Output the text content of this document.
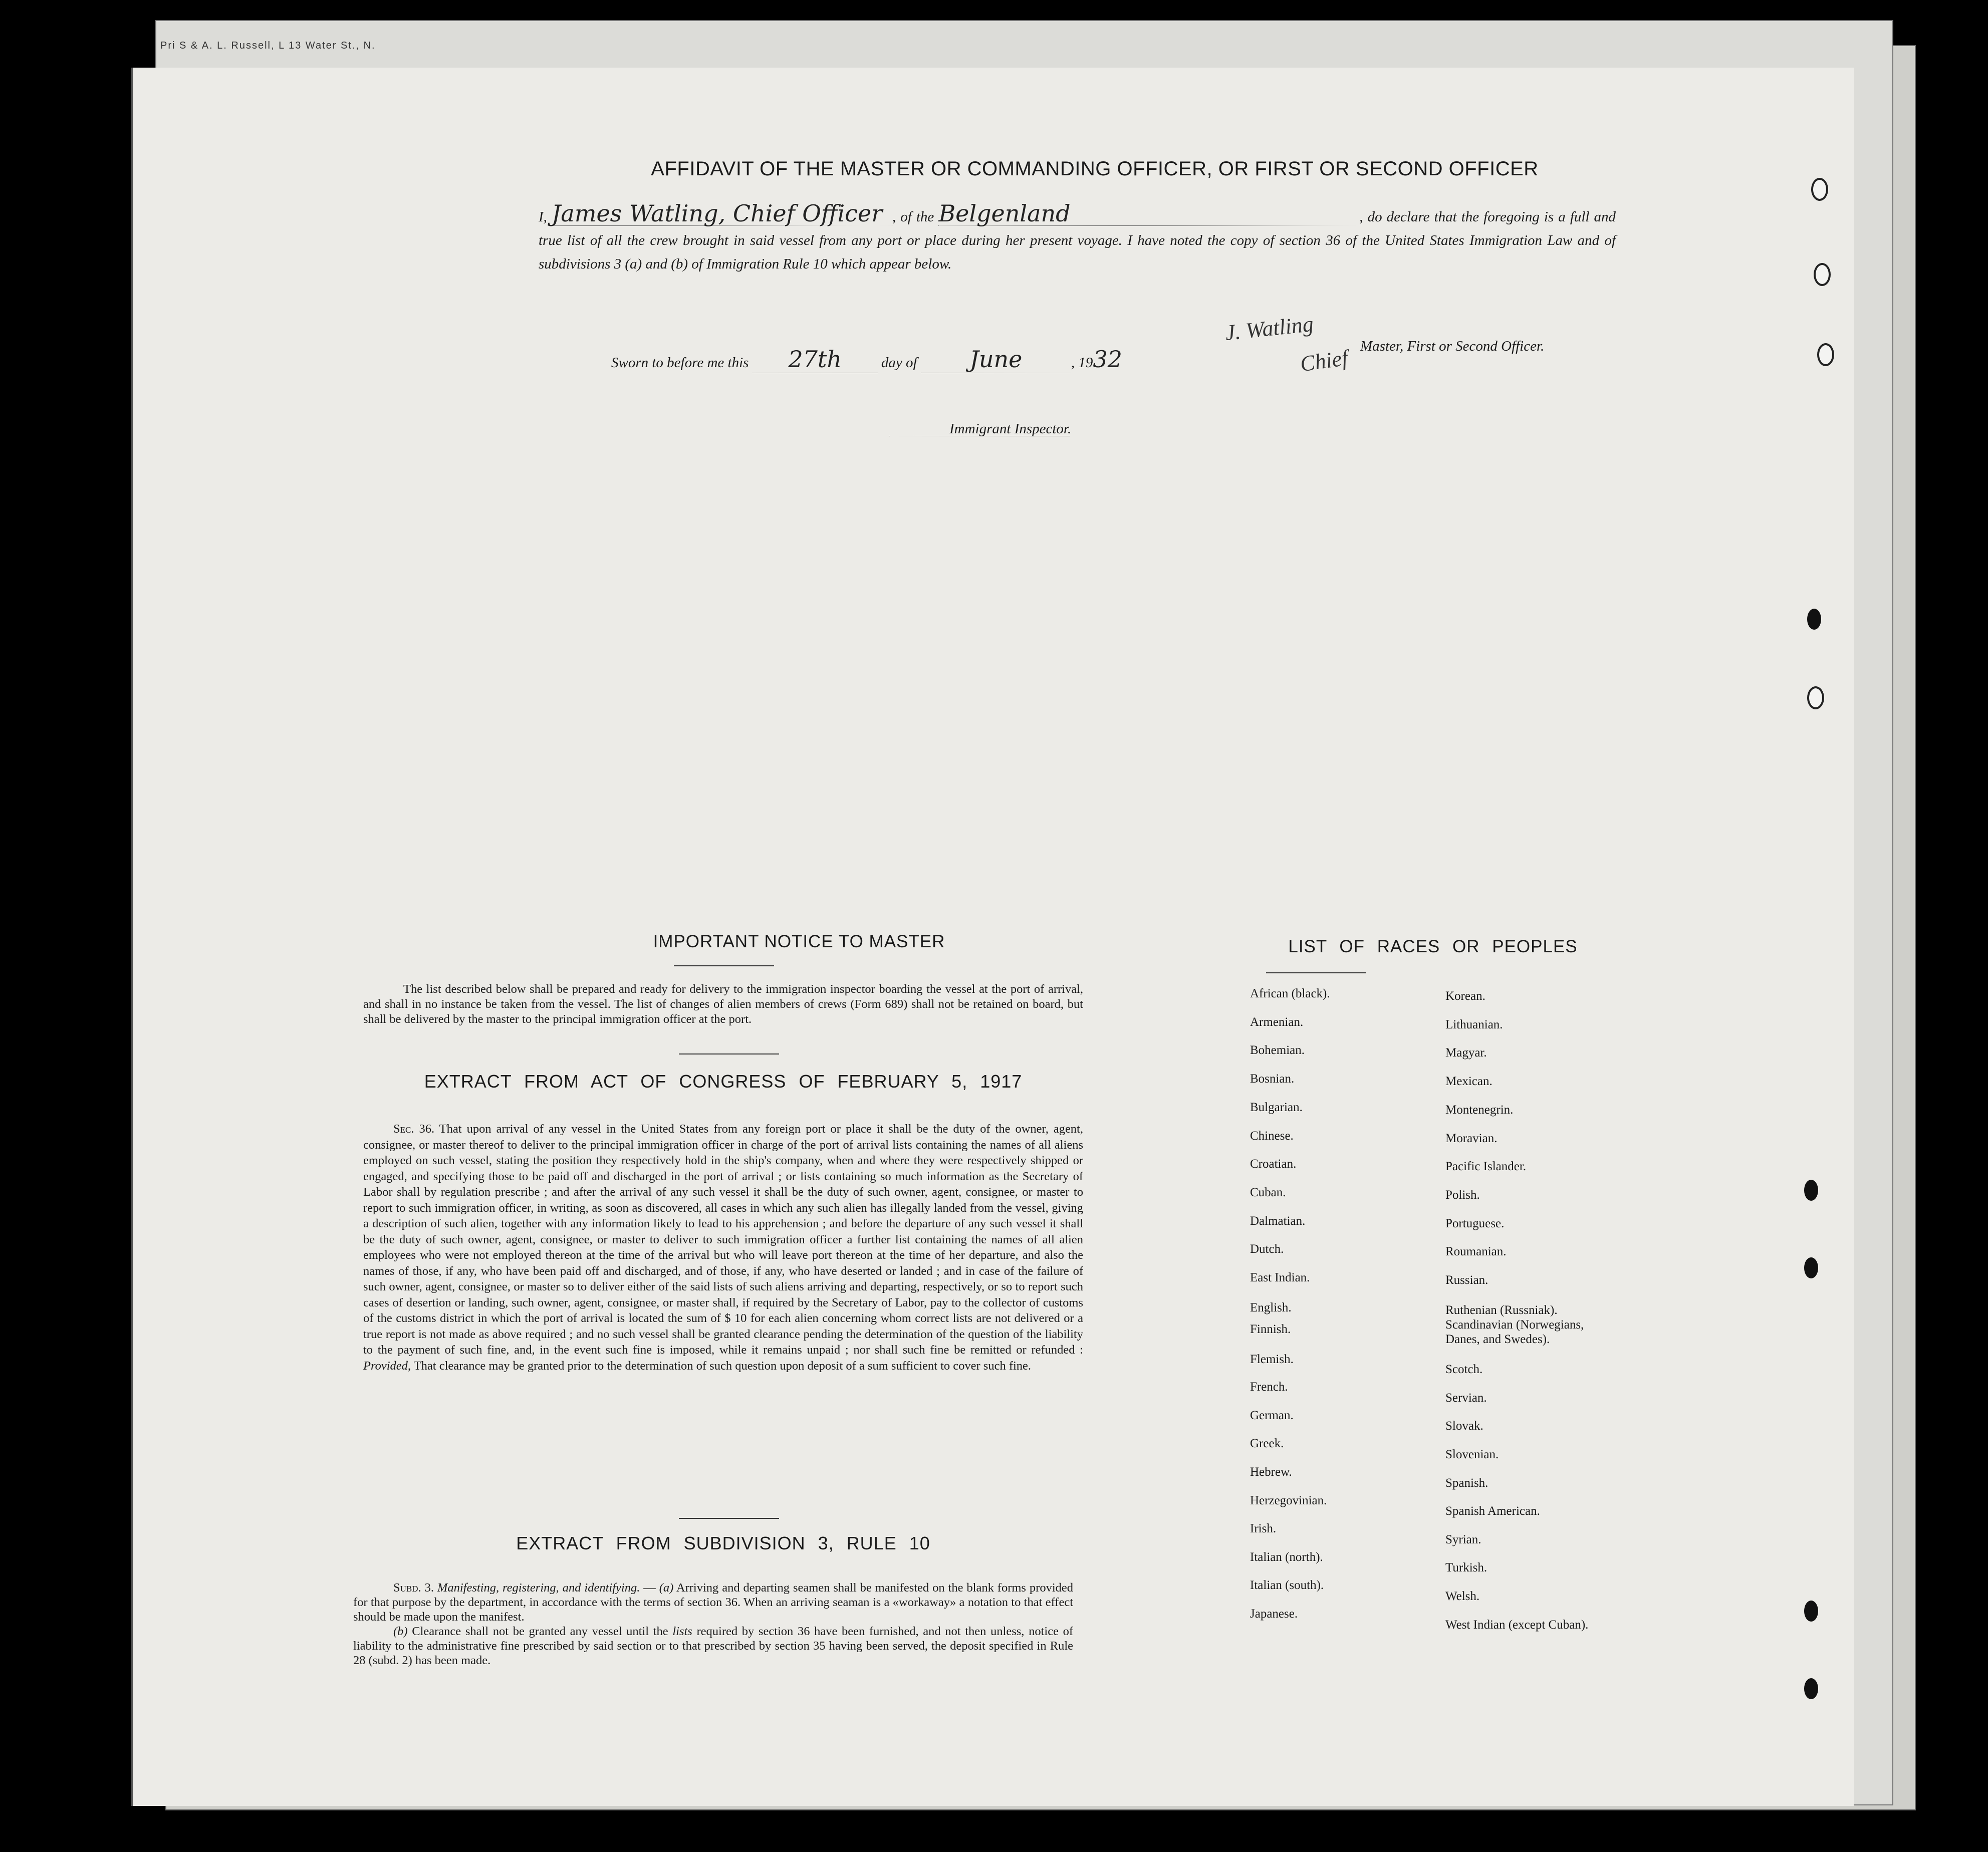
Pri S & A. L. Russell, L 13 Water St., N.
AFFIDAVIT OF THE MASTER OR COMMANDING OFFICER, OR FIRST OR SECOND OFFICER
I, James Watling, Chief Officer , of the Belgenland	, do declare that the foregoing is a full and true list of all the crew brought in said vessel from any port or place during her present voyage. I have noted the copy of section 36 of the United States Immigration Law and of subdivisions 3 (a) and (b) of Immigration Rule 10 which appear below.
Sworn to before me this 27th	day of June	, 1932
J. Watling
Master, First or Second Officer.
Chief
Immigrant Inspector.
IMPORTANT NOTICE TO MASTER
The list described below shall be prepared and ready for delivery to the immigration inspector boarding the vessel at the port of arrival, and shall in no instance be taken from the vessel. The list of changes of alien members of crews (Form 689) shall not be retained on board, but shall be delivered by the master to the principal immigration officer at the port.
EXTRACT FROM ACT OF CONGRESS OF FEBRUARY 5, 1917
Sec. 36. That upon arrival of any vessel in the United States from any foreign port or place it shall be the duty of the owner, agent, consignee, or master thereof to deliver to the principal immigration officer in charge of the port of arrival lists containing the names of all aliens employed on such vessel, stating the position they respectively hold in the ship's company, when and where they were respectively shipped or engaged, and specifying those to be paid off and discharged in the port of arrival ; or lists containing so much information as the Secretary of Labor shall by regulation prescribe ; and after the arrival of any such vessel it shall be the duty of such owner, agent, consignee, or master to report to such immigration officer, in writing, as soon as discovered, all cases in which any such alien has illegally landed from the vessel, giving a description of such alien, together with any information likely to lead to his apprehension ; and before the departure of any such vessel it shall be the duty of such owner, agent, consignee, or master to deliver to such immigration officer a further list containing the names of all alien employees who were not employed thereon at the time of the arrival but who will leave port thereon at the time of her departure, and also the names of those, if any, who have been paid off and discharged, and of those, if any, who have deserted or landed ; and in case of the failure of such owner, agent, consignee, or master so to deliver either of the said lists of such aliens arriving and departing, respectively, or so to report such cases of desertion or landing, such owner, agent, consignee, or master shall, if required by the Secretary of Labor, pay to the collector of customs of the customs district in which the port of arrival is located the sum of $ 10 for each alien concerning whom correct lists are not delivered or a true report is not made as above required ; and no such vessel shall be granted clearance pending the determination of the question of the liability to the payment of such fine, and, in the event such fine is imposed, while it remains unpaid ; nor shall such fine be remitted or refunded : Provided, That clearance may be granted prior to the determination of such question upon deposit of a sum sufficient to cover such fine.
EXTRACT FROM SUBDIVISION 3, RULE 10

Subd. 3. Manifesting, registering, and identifying. — (a) Arriving and departing seamen shall be manifested on the blank forms provided for that purpose by the department, in accordance with the terms of section 36. When an arriving seaman is a «workaway» a notation to that effect should be made upon the manifest.

(b) Clearance shall not be granted any vessel until the lists required by section 36 have been furnished, and not then unless, notice of liability to the administrative fine prescribed by said section or to that prescribed by section 35 having been served, the deposit specified in Rule 28 (subd. 2) has been made.

LIST OF RACES OR PEOPLES
African (black).
Armenian.
Bohemian.
Bosnian.
Bulgarian.
Chinese.
Croatian.
Cuban.
Dalmatian.
Dutch.
East Indian.
English.
Finnish.
Flemish.
French.
German.
Greek.
Hebrew.
Herzegovinian.
Irish.
Italian (north).
Italian (south).
Japanese.
Korean.
Lithuanian.
Magyar.
Mexican.
Montenegrin.
Moravian.
Pacific Islander.
Polish.
Portuguese.
Roumanian.
Russian.
Ruthenian (Russniak).
Scandinavian (Norwegians,
Danes, and Swedes).
Scotch.
Servian.
Slovak.
Slovenian.
Spanish.
Spanish American.
Syrian.
Turkish.
Welsh.
West Indian (except Cuban).
